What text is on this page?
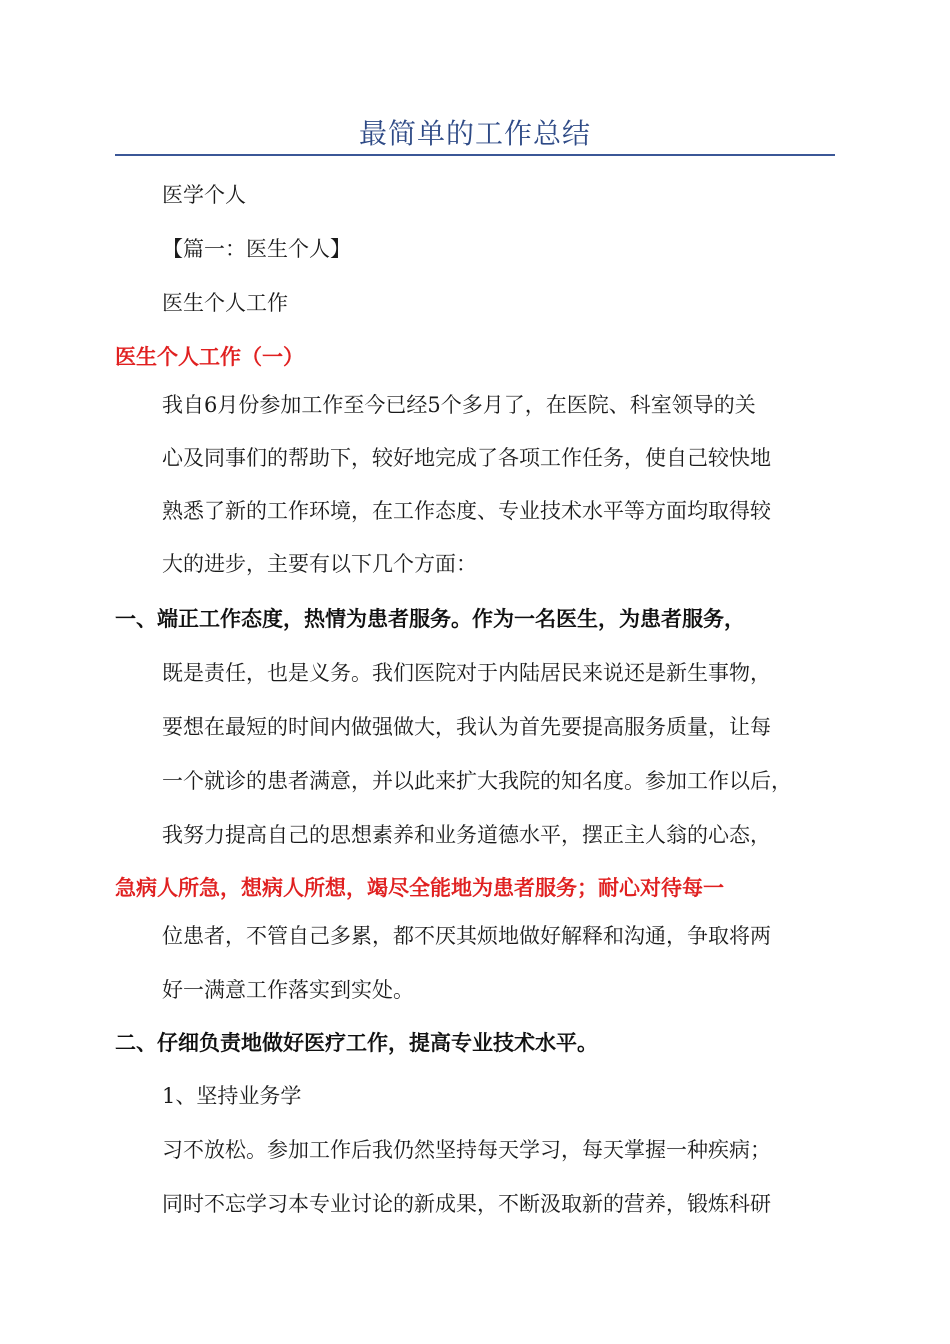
最简单的工作总结
医学个人
【篇一：医生个人】
医生个人工作
医生个人工作（一）
我自6月份参加工作至今已经5个多月了，在医院、科室领导的关
心及同事们的帮助下，较好地完成了各项工作任务，使自己较快地
熟悉了新的工作环境，在工作态度、专业技术水平等方面均取得较
大的进步，主要有以下几个方面：
一、端正工作态度，热情为患者服务。作为一名医生，为患者服务，
既是责任，也是义务。我们医院对于内陆居民来说还是新生事物，
要想在最短的时间内做强做大，我认为首先要提高服务质量，让每
一个就诊的患者满意，并以此来扩大我院的知名度。参加工作以后，
我努力提高自己的思想素养和业务道德水平，摆正主人翁的心态，
急病人所急，想病人所想，竭尽全能地为患者服务；耐心对待每一
位患者，不管自己多累，都不厌其烦地做好解释和沟通，争取将两
好一满意工作落实到实处。
二、仔细负责地做好医疗工作，提高专业技术水平。
1、坚持业务学
习不放松。参加工作后我仍然坚持每天学习，每天掌握一种疾病；
同时不忘学习本专业讨论的新成果，不断汲取新的营养，锻炼科研
